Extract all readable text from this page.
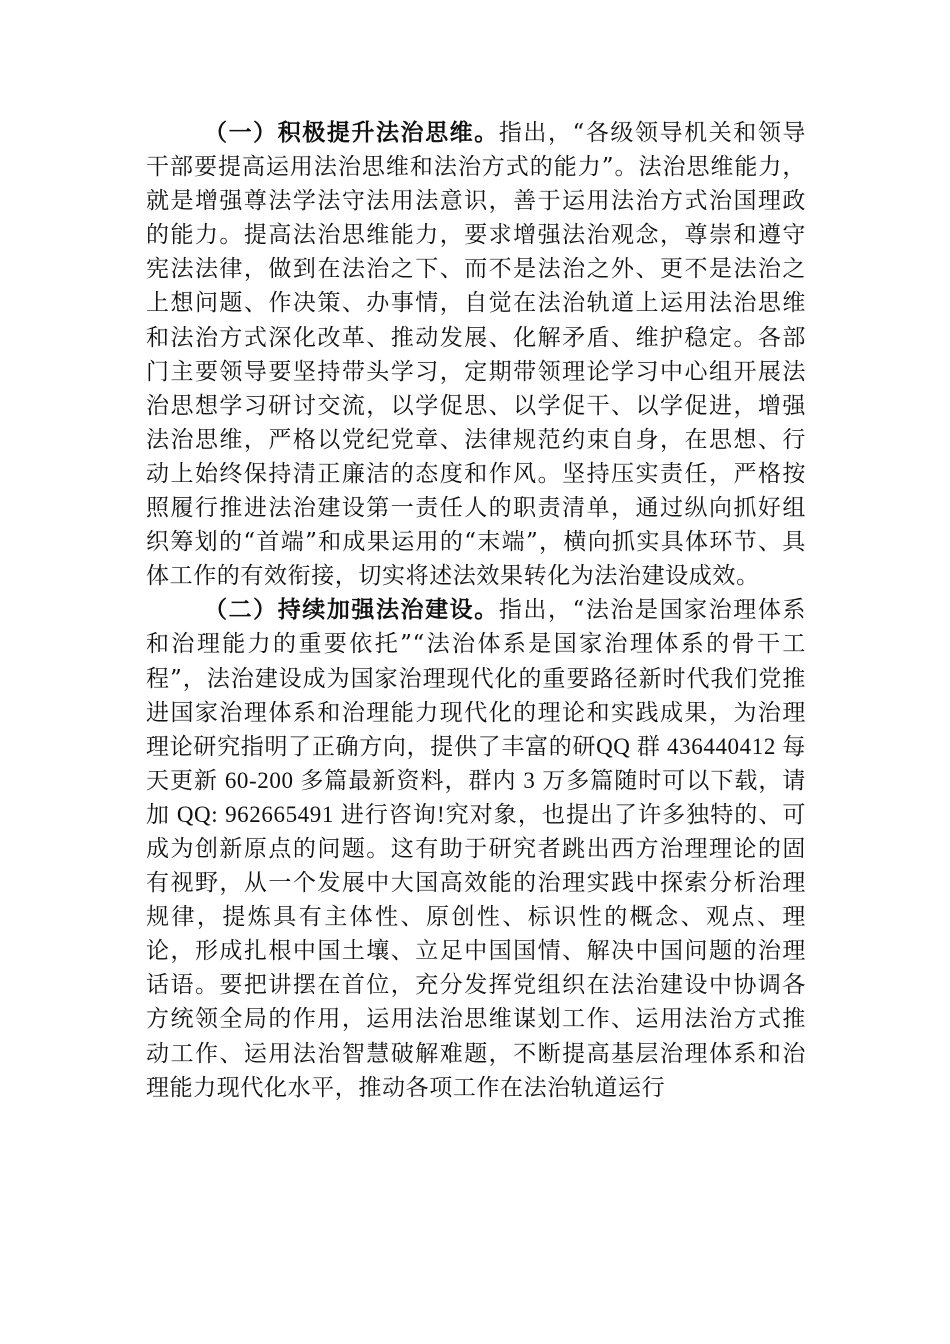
（一）积极提升法治思维。指出，“各级领导机关和领导干部要提高运用法治思维和法治方式的能力”。法治思维能力，就是增强尊法学法守法用法意识，善于运用法治方式治国理政的能力。提高法治思维能力，要求增强法治观念，尊崇和遵守宪法法律，做到在法治之下、而不是法治之外、更不是法治之上想问题、作决策、办事情，自觉在法治轨道上运用法治思维和法治方式深化改革、推动发展、化解矛盾、维护稳定。各部门主要领导要坚持带头学习，定期带领理论学习中心组开展法治思想学习研讨交流，以学促思、以学促干、以学促进，增强法治思维，严格以党纪党章、法律规范约束自身，在思想、行动上始终保持清正廉洁的态度和作风。坚持压实责任，严格按照履行推进法治建设第一责任人的职责清单，通过纵向抓好组织筹划的“首端”和成果运用的“末端”，横向抓实具体环节、具体工作的有效衔接，切实将述法效果转化为法治建设成效。

（二）持续加强法治建设。指出，“法治是国家治理体系和治理能力的重要依托”“法治体系是国家治理体系的骨干工程”，法治建设成为国家治理现代化的重要路径新时代我们党推进国家治理体系和治理能力现代化的理论和实践成果，为治理理论研究指明了正确方向，提供了丰富的研QQ 群 436440412 每天更新 60-200 多篇最新资料，群内 3 万多篇随时可以下载，请加 QQ: 962665491 进行咨询!究对象，也提出了许多独特的、可成为创新原点的问题。这有助于研究者跳出西方治理理论的固有视野，从一个发展中大国高效能的治理实践中探索分析治理规律，提炼具有主体性、原创性、标识性的概念、观点、理论，形成扎根中国土壤、立足中国国情、解决中国问题的治理话语。要把讲摆在首位，充分发挥党组织在法治建设中协调各方统领全局的作用，运用法治思维谋划工作、运用法治方式推动工作、运用法治智慧破解难题，不断提高基层治理体系和治理能力现代化水平，推动各项工作在法治轨道运行
